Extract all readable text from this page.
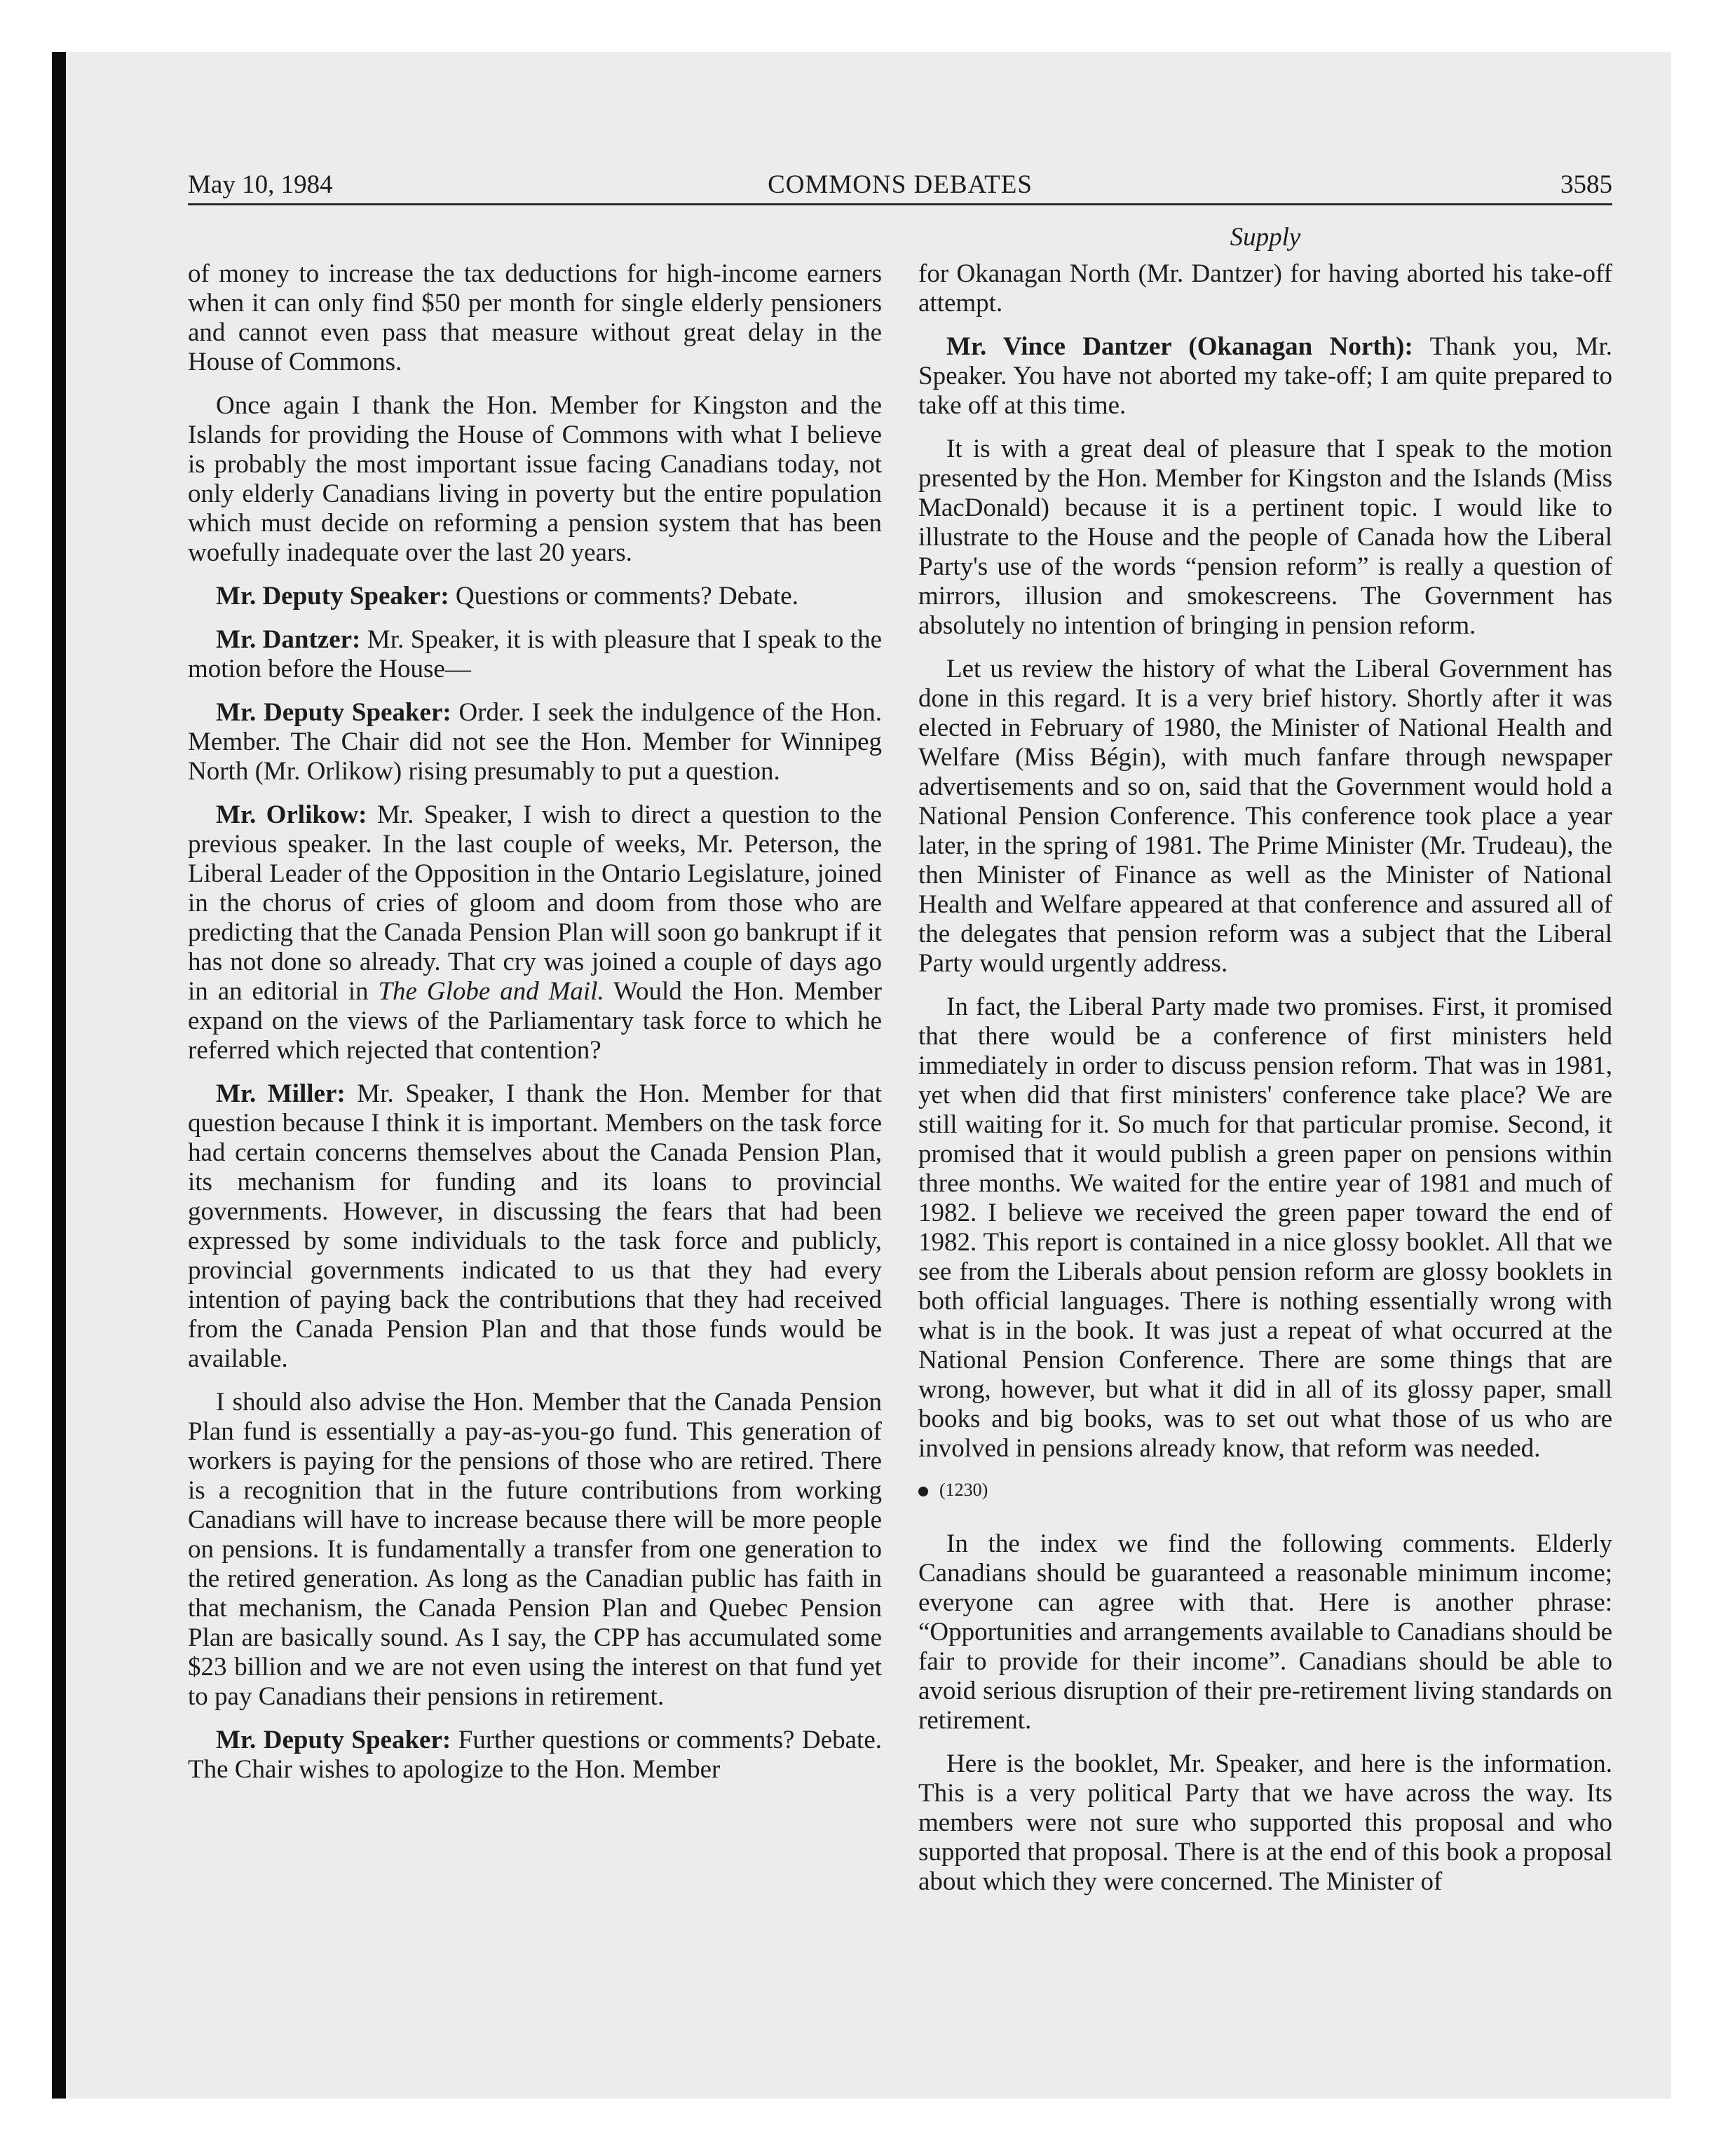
May 10, 1984	COMMONS DEBATES	3585
Supply

of money to increase the tax deductions for high-income earners when it can only find $50 per month for single elderly pensioners and cannot even pass that measure without great delay in the House of Commons.

Once again I thank the Hon. Member for Kingston and the Islands for providing the House of Commons with what I believe is probably the most important issue facing Canadians today, not only elderly Canadians living in poverty but the entire population which must decide on reforming a pension system that has been woefully inadequate over the last 20 years.

Mr. Deputy Speaker: Questions or comments? Debate.

Mr. Dantzer: Mr. Speaker, it is with pleasure that I speak to the motion before the House—

Mr. Deputy Speaker: Order. I seek the indulgence of the Hon. Member. The Chair did not see the Hon. Member for Winnipeg North (Mr. Orlikow) rising presumably to put a question.

Mr. Orlikow: Mr. Speaker, I wish to direct a question to the previous speaker. In the last couple of weeks, Mr. Peterson, the Liberal Leader of the Opposition in the Ontario Legislature, joined in the chorus of cries of gloom and doom from those who are predicting that the Canada Pension Plan will soon go bankrupt if it has not done so already. That cry was joined a couple of days ago in an editorial in The Globe and Mail. Would the Hon. Member expand on the views of the Parliamentary task force to which he referred which rejected that contention?

Mr. Miller: Mr. Speaker, I thank the Hon. Member for that question because I think it is important. Members on the task force had certain concerns themselves about the Canada Pension Plan, its mechanism for funding and its loans to provincial governments. However, in discussing the fears that had been expressed by some individuals to the task force and publicly, provincial governments indicated to us that they had every intention of paying back the contributions that they had received from the Canada Pension Plan and that those funds would be available.

I should also advise the Hon. Member that the Canada Pension Plan fund is essentially a pay-as-you-go fund. This generation of workers is paying for the pensions of those who are retired. There is a recognition that in the future contributions from working Canadians will have to increase because there will be more people on pensions. It is fundamentally a transfer from one generation to the retired generation. As long as the Canadian public has faith in that mechanism, the Canada Pension Plan and Quebec Pension Plan are basically sound. As I say, the CPP has accumulated some $23 billion and we are not even using the interest on that fund yet to pay Canadians their pensions in retirement.

Mr. Deputy Speaker: Further questions or comments? Debate. The Chair wishes to apologize to the Hon. Member

for Okanagan North (Mr. Dantzer) for having aborted his take-off attempt.

Mr. Vince Dantzer (Okanagan North): Thank you, Mr. Speaker. You have not aborted my take-off; I am quite prepared to take off at this time.

It is with a great deal of pleasure that I speak to the motion presented by the Hon. Member for Kingston and the Islands (Miss MacDonald) because it is a pertinent topic. I would like to illustrate to the House and the people of Canada how the Liberal Party's use of the words “pension reform” is really a question of mirrors, illusion and smokescreens. The Government has absolutely no intention of bringing in pension reform.

Let us review the history of what the Liberal Government has done in this regard. It is a very brief history. Shortly after it was elected in February of 1980, the Minister of National Health and Welfare (Miss Bégin), with much fanfare through newspaper advertisements and so on, said that the Government would hold a National Pension Conference. This conference took place a year later, in the spring of 1981. The Prime Minister (Mr. Trudeau), the then Minister of Finance as well as the Minister of National Health and Welfare appeared at that conference and assured all of the delegates that pension reform was a subject that the Liberal Party would urgently address.

In fact, the Liberal Party made two promises. First, it promised that there would be a conference of first ministers held immediately in order to discuss pension reform. That was in 1981, yet when did that first ministers' conference take place? We are still waiting for it. So much for that particular promise. Second, it promised that it would publish a green paper on pensions within three months. We waited for the entire year of 1981 and much of 1982. I believe we received the green paper toward the end of 1982. This report is contained in a nice glossy booklet. All that we see from the Liberals about pension reform are glossy booklets in both official languages. There is nothing essentially wrong with what is in the book. It was just a repeat of what occurred at the National Pension Conference. There are some things that are wrong, however, but what it did in all of its glossy paper, small books and big books, was to set out what those of us who are involved in pensions already know, that reform was needed.

(1230)

In the index we find the following comments. Elderly Canadians should be guaranteed a reasonable minimum income; everyone can agree with that. Here is another phrase: “Opportunities and arrangements available to Canadians should be fair to provide for their income”. Canadians should be able to avoid serious disruption of their pre-retirement living standards on retirement.

Here is the booklet, Mr. Speaker, and here is the information. This is a very political Party that we have across the way. Its members were not sure who supported this proposal and who supported that proposal. There is at the end of this book a proposal about which they were concerned. The Minister of
